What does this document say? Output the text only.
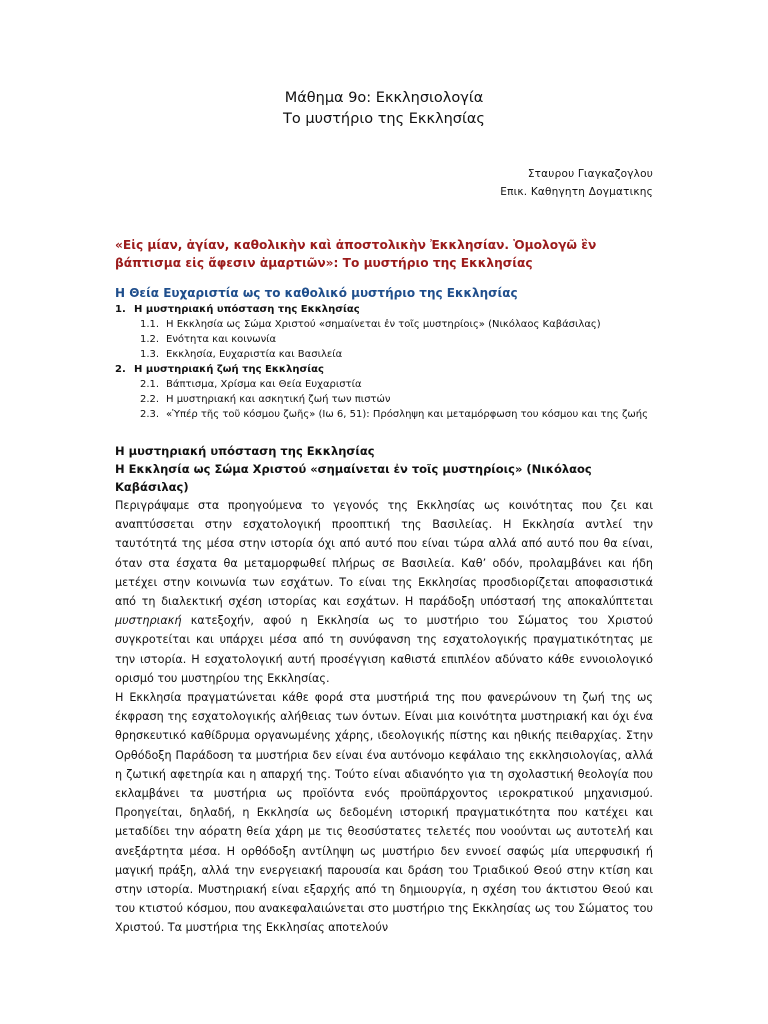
Μάθημα 9ο: Εκκλησιολογία
Το μυστήριο της Εκκλησίας
Σταυρου Γιαγκαζογλου
Επικ. Καθηγητη Δογματικης
«Εἰς μίαν, ἁγίαν, καθολικὴν καὶ ἀποστολικὴν Ἐκκλησίαν. Ὁμολογῶ ἓν βάπτισμα εἰς ἄφεσιν ἁμαρτιῶν»: Το μυστήριο της Εκκλησίας
Η Θεία Ευχαριστία ως το καθολικό μυστήριο της Εκκλησίας
1. Η μυστηριακή υπόσταση της Εκκλησίας
1.1. Η Εκκλησία ως Σώμα Χριστού «σημαίνεται ἐν τοῖς μυστηρίοις» (Νικόλαος Καβάσιλας)
1.2. Ενότητα και κοινωνία
1.3. Εκκλησία, Ευχαριστία και Βασιλεία
2. Η μυστηριακή ζωή της Εκκλησίας
2.1. Βάπτισμα, Χρίσμα και Θεία Ευχαριστία
2.2. Η μυστηριακή και ασκητική ζωή των πιστών
2.3. «Ὑπέρ τῆς τοῦ κόσμου ζωῆς» (Ιω 6, 51): Πρόσληψη και μεταμόρφωση του κόσμου και της ζωής
Η μυστηριακή υπόσταση της Εκκλησίας
Η Εκκλησία ως Σώμα Χριστού «σημαίνεται ἐν τοῖς μυστηρίοις» (Νικόλαος Καβάσιλας)

Περιγράψαμε στα προηγούμενα το γεγονός της Εκκλησίας ως κοινότητας που ζει και αναπτύσσεται στην εσχατολογική προοπτική της Βασιλείας. Η Εκκλησία αντλεί την ταυτότητά της μέσα στην ιστορία όχι από αυτό που είναι τώρα αλλά από αυτό που θα είναι, όταν στα έσχατα θα μεταμορφωθεί πλήρως σε Βασιλεία. Καθ’ οδόν, προλαμβάνει και ήδη μετέχει στην κοινωνία των εσχάτων. Το είναι της Εκκλησίας προσδιορίζεται αποφασιστικά από τη διαλεκτική σχέση ιστορίας και εσχάτων. Η παράδοξη υπόστασή της αποκαλύπτεται μυστηριακή κατεξοχήν, αφού η Εκκλησία ως το μυστήριο του Σώματος του Χριστού συγκροτείται και υπάρχει μέσα από τη συνύφανση της εσχατολογικής πραγματικότητας με την ιστορία. Η εσχατολογική αυτή προσέγγιση καθιστά επιπλέον αδύνατο κάθε εννοιολογικό ορισμό του μυστηρίου της Εκκλησίας.

Η Εκκλησία πραγματώνεται κάθε φορά στα μυστήριά της που φανερώνουν τη ζωή της ως έκφραση της εσχατολογικής αλήθειας των όντων. Είναι μια κοινότητα μυστηριακή και όχι ένα θρησκευτικό καθίδρυμα οργανωμένης χάρης, ιδεολογικής πίστης και ηθικής πειθαρχίας. Στην Ορθόδοξη Παράδοση τα μυστήρια δεν είναι ένα αυτόνομο κεφάλαιο της εκκλησιολογίας, αλλά η ζωτική αφετηρία και η απαρχή της. Τούτο είναι αδιανόητο για τη σχολαστική θεολογία που εκλαμβάνει τα μυστήρια ως προϊόντα ενός προϋπάρχοντος ιεροκρατικού μηχανισμού. Προηγείται, δηλαδή, η Εκκλησία ως δεδομένη ιστορική πραγματικότητα που κατέχει και μεταδίδει την αόρατη θεία χάρη με τις θεοσύστατες τελετές που νοούνται ως αυτοτελή και ανεξάρτητα μέσα. Η ορθόδοξη αντίληψη ως μυστήριο δεν εννοεί σαφώς μία υπερφυσική ή μαγική πράξη, αλλά την ενεργειακή παρουσία και δράση του Τριαδικού Θεού στην κτίση και στην ιστορία. Μυστηριακή είναι εξαρχής από τη δημιουργία, η σχέση του άκτιστου Θεού και του κτιστού κόσμου, που ανακεφαλαιώνεται στο μυστήριο της Εκκλησίας ως του Σώματος του Χριστού. Τα μυστήρια της Εκκλησίας αποτελούν
